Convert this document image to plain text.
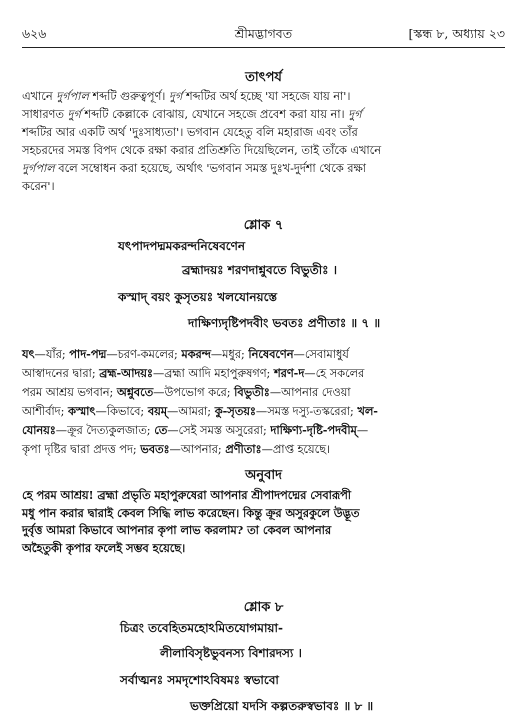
৬২৬	শ্রীমদ্ভাগবত	[স্কন্ধ ৮, অধ্যায় ২৩
তাৎপর্য
এখানে দুর্গপাল শব্দটি গুরুত্বপূর্ণ। দুর্গ শব্দটির অর্থ হচ্ছে 'যা সহজে যায় না'।
সাধারণত দুর্গ শব্দটি কেল্লাকে বোঝায়, যেখানে সহজে প্রবেশ করা যায় না। দুর্গ
শব্দটির আর একটি অর্থ 'দুঃসাধ্যতা'। ভগবান যেহেতু বলি মহারাজ এবং তাঁর
সহচরদের সমস্ত বিপদ থেকে রক্ষা করার প্রতিশ্রুতি দিয়েছিলেন, তাই তাঁকে এখানে
দুর্গপাল বলে সম্বোধন করা হয়েছে, অর্থাৎ 'ভগবান সমস্ত দুঃখ-দুর্দশা থেকে রক্ষা
করেন'।
শ্লোক ৭
যৎপাদপদ্মমকরন্দনিষেবণেন
ব্রহ্মাদয়ঃ শরণদাশ্নুবতে বিভুতীঃ ।
কস্মাদ্ বয়ং কুসৃতয়ঃ খলযোনয়স্তে
দাক্ষিণ্যদৃষ্টিপদবীং ভবতঃ প্রণীতাঃ ॥ ৭ ॥
যৎ—যাঁর; পাদ-পদ্ম—চরণ-কমলের; মকরন্দ—মধুর; নিষেবণেন—সেবামাধুর্য
আস্বাদনের দ্বারা; ব্রহ্ম-আদয়ঃ—ব্রহ্মা আদি মহাপুরুষগণ; শরণ-দ—হে সকলের
পরম আশ্রয় ভগবান; অশ্নুবতে—উপভোগ করে; বিভুতীঃ—আপনার দেওয়া
আশীর্বাদ; কস্মাৎ—কিভাবে; বয়ম্—আমরা; কু-সৃতয়ঃ—সমস্ত দস্যু-তস্করেরা; খল-
যোনয়ঃ—ক্রূর দৈত্যকুলজাত; তে—সেই সমস্ত অসুরেরা; দাক্ষিণ্য-দৃষ্টি-পদবীম্—
কৃপা দৃষ্টির দ্বারা প্রদত্ত পদ; ভবতঃ—আপনার; প্রণীতাঃ—প্রাপ্ত হয়েছে।
অনুবাদ
হে পরম আশ্রয়! ব্রহ্মা প্রভৃতি মহাপুরুষেরা আপনার শ্রীপাদপদ্মের সেবারূপী
মধু পান করার দ্বারাই কেবল সিদ্ধি লাভ করেছেন। কিন্তু ক্রূর অসুরকুলে উদ্ভূত
দুর্বৃত্ত আমরা কিভাবে আপনার কৃপা লাভ করলাম? তা কেবল আপনার
অহৈতুকী কৃপার ফলেই সম্ভব হয়েছে।
শ্লোক ৮
চিত্রং তবেহিতমহোঽমিতযোগমায়া-
লীলাবিসৃষ্টভুবনস্য বিশারদস্য ।
সর্বাত্মনঃ সমদৃশোঽবিষমঃ স্বভাবো
ভক্তপ্রিয়ো যদসি কল্পতরুস্বভাবঃ ॥ ৮ ॥
